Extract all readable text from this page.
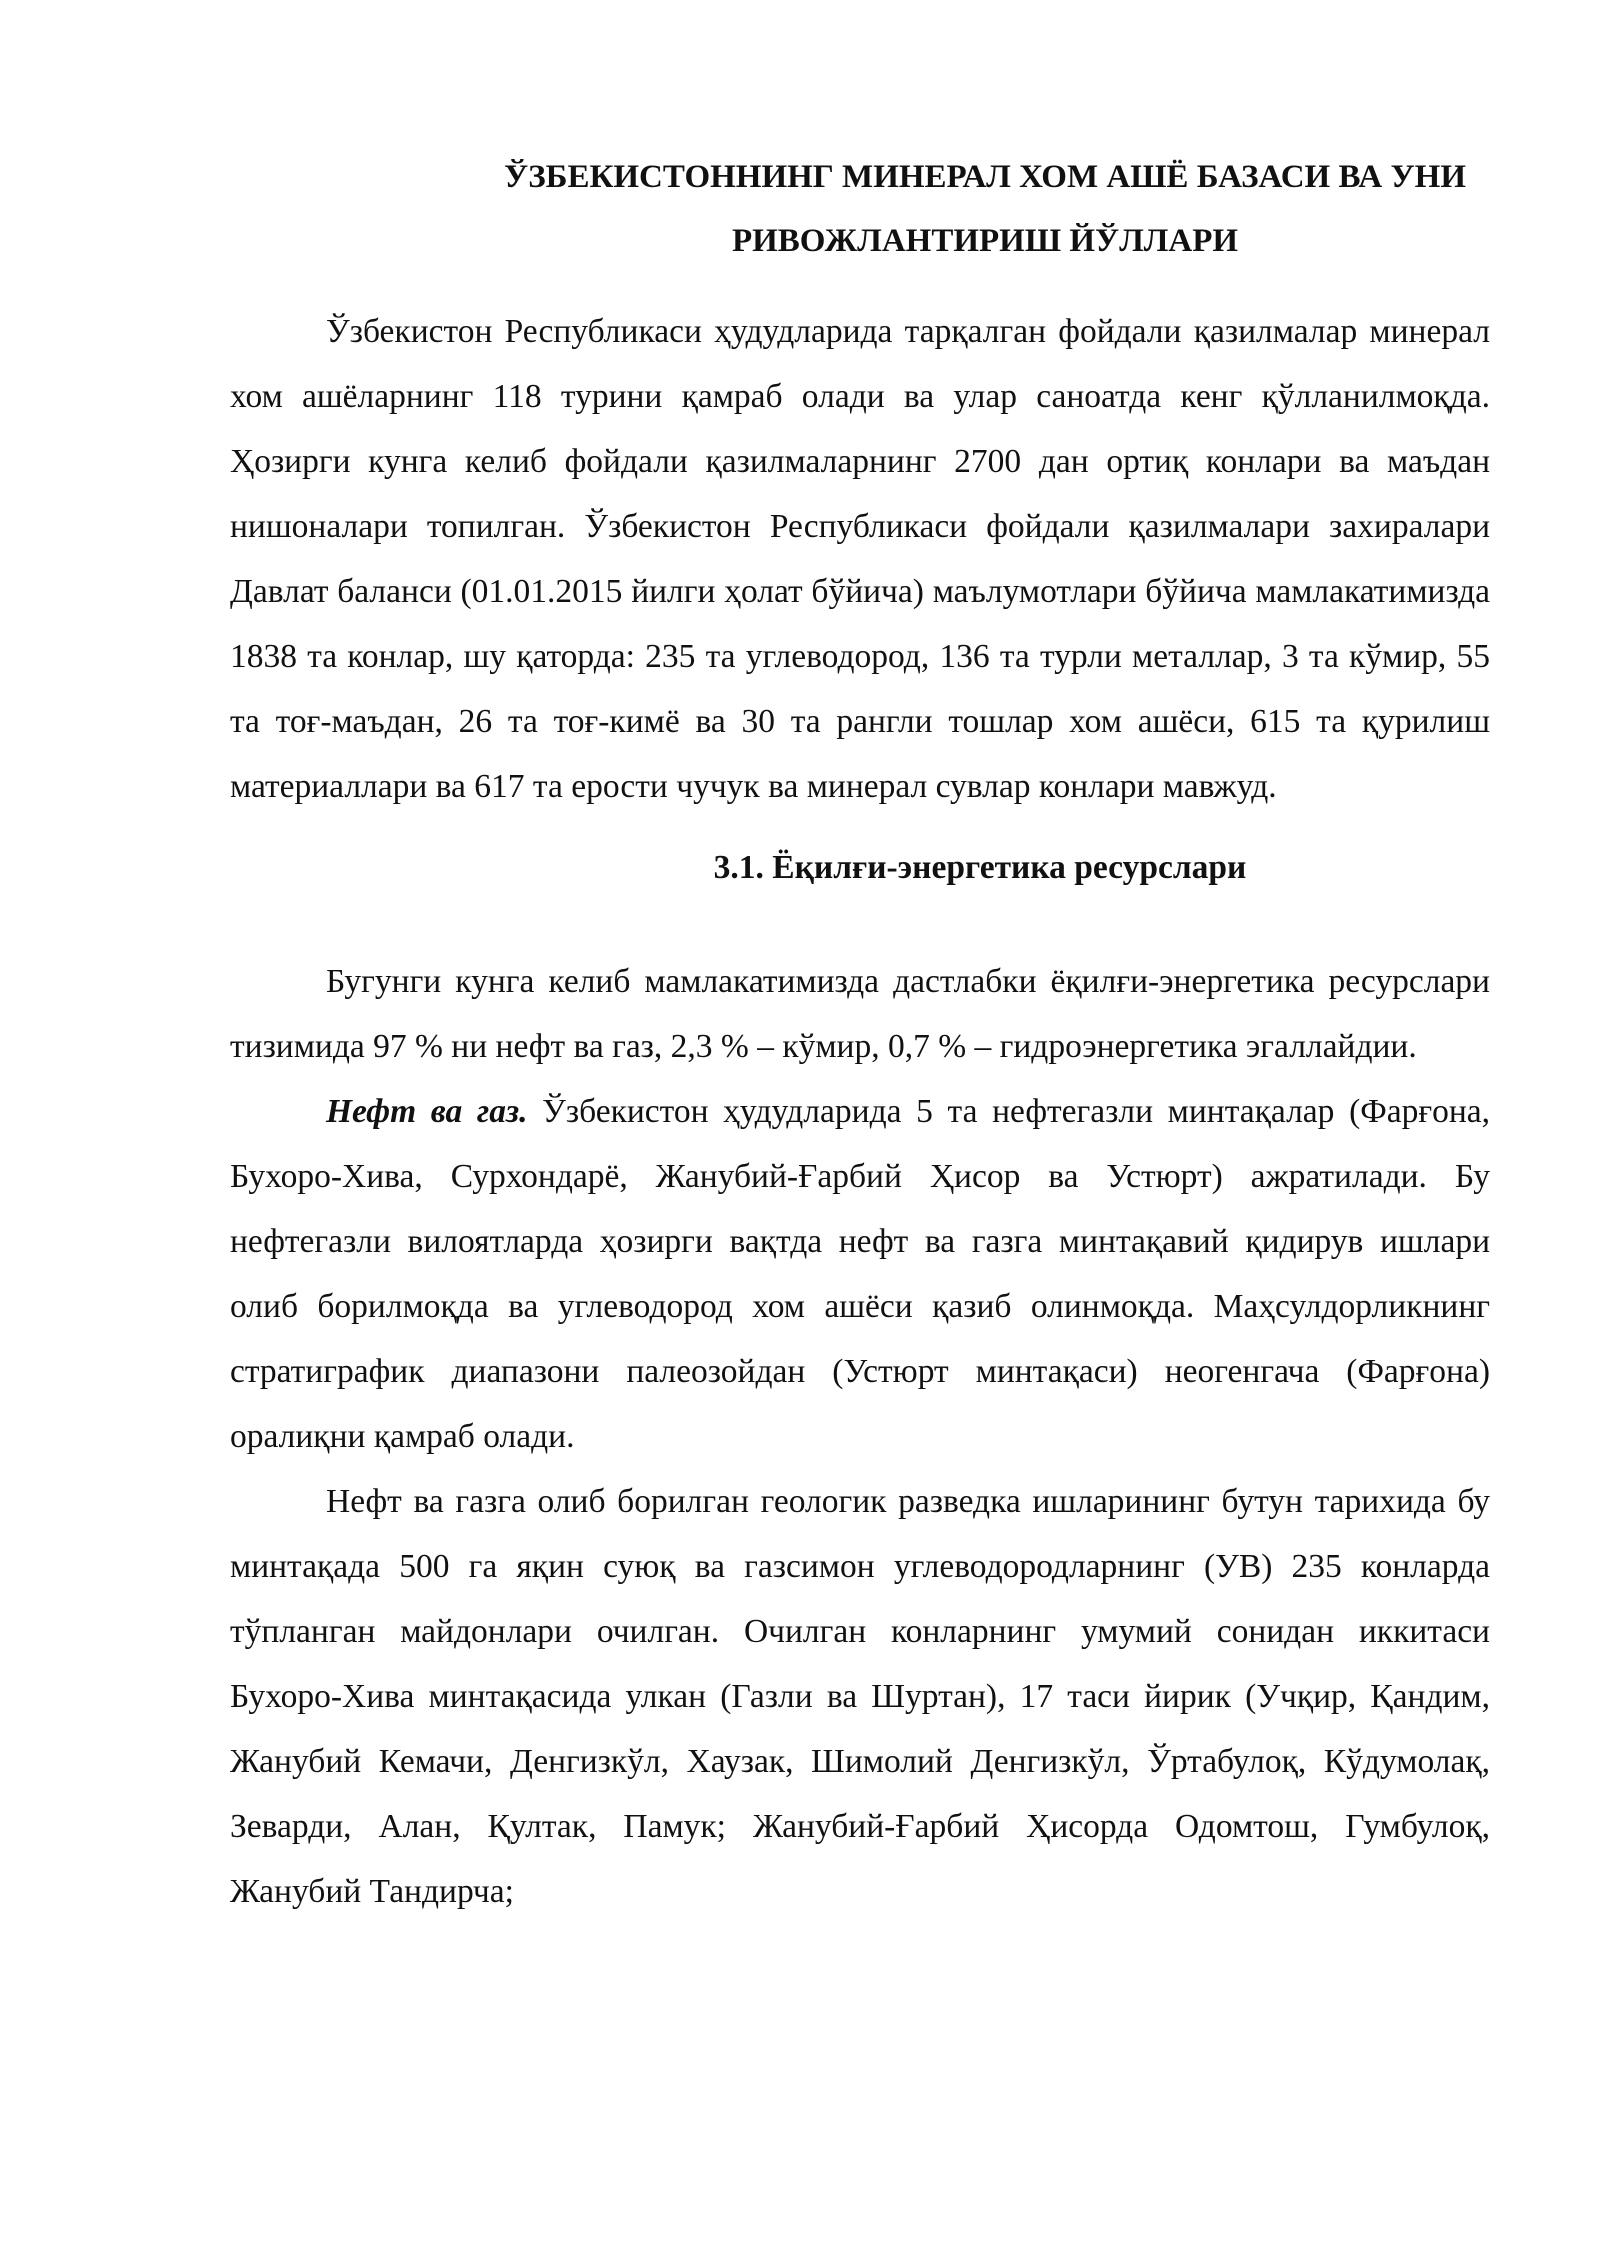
ЎЗБЕКИСТОННИНГ МИНЕРАЛ ХОМ АШЁ БАЗАСИ ВА УНИ
РИВОЖЛАНТИРИШ ЙЎЛЛАРИ

Ўзбекистон Республикаси ҳудудларида тарқалган фойдали қазилмалар минерал хом ашёларнинг 118 турини қамраб олади ва улар саноатда кенг қўлланилмоқда. Ҳозирги кунга келиб фойдали қазилмаларнинг 2700 дан ортиқ конлари ва маъдан нишоналари топилган. Ўзбекистон Республикаси фойдали қазилмалари захиралари Давлат баланси (01.01.2015 йилги ҳолат бўйича) маълумотлари бўйича мамлакатимизда 1838 та конлар, шу қаторда: 235 та углеводород, 136 та турли металлар, 3 та кўмир, 55 та тоғ-маъдан, 26 та тоғ-кимё ва 30 та рангли тошлар хом ашёси, 615 та қурилиш материаллари ва 617 та ерости чучук ва минерал сувлар конлари мавжуд.

3.1. Ёқилғи-энергетика ресурслари

Бугунги кунга келиб мамлакатимизда дастлабки ёқилғи-энергетика ресурслари тизимида 97 % ни нефт ва газ, 2,3 % – кўмир, 0,7 % – гидроэнергетика эгаллайдии.

Нефт ва газ. Ўзбекистон ҳудудларида 5 та нефтегазли минтақалар (Фарғона, Бухоро-Хива, Сурхондарё, Жанубий-Ғарбий Ҳисор ва Устюрт) ажратилади. Бу нефтегазли вилоятларда ҳозирги вақтда нефт ва газга минтақавий қидирув ишлари олиб борилмоқда ва углеводород хом ашёси қазиб олинмоқда. Маҳсулдорликнинг стратиграфик диапазони палеозойдан (Устюрт минтақаси) неогенгача (Фарғона) оралиқни қамраб олади.

Нефт ва газга олиб борилган геологик разведка ишларининг бутун тарихида бу минтақада 500 га яқин суюқ ва газсимон углеводородларнинг (УВ) 235 конларда тўпланган майдонлари очилган. Очилган конларнинг умумий сонидан иккитаси Бухоро-Хива минтақасида улкан (Газли ва Шуртан), 17 таси йирик (Учқир, Қандим, Жанубий Кемачи, Денгизкўл, Хаузак, Шимолий Денгизкўл, Ўртабулоқ, Кўдумолақ, Зеварди, Алан, Қултак, Памук; Жанубий-Ғарбий Ҳисорда Одомтош, Гумбулоқ, Жанубий Тандирча;
